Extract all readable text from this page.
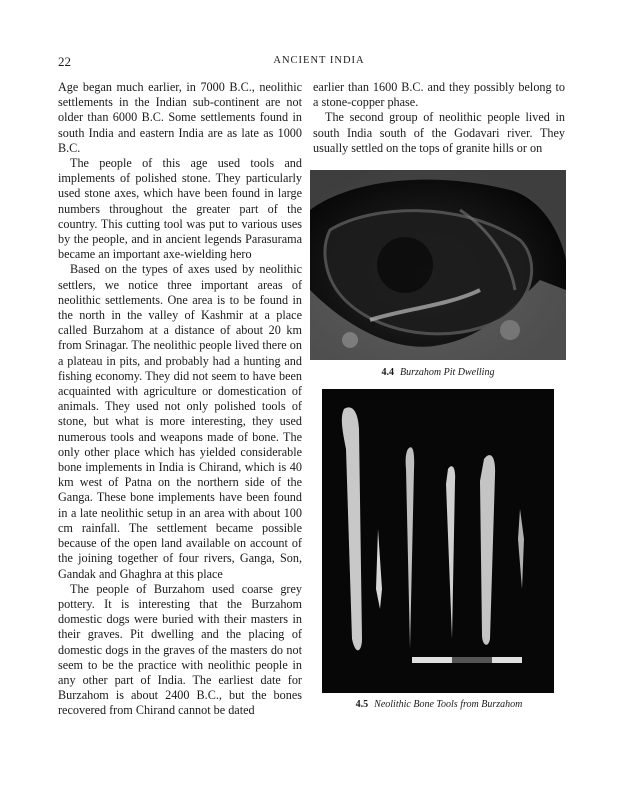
22	ANCIENT INDIA

Age began much earlier, in 7000 B.C., neolithic settlements in the Indian sub-continent are not older than 6000 B.C. Some settlements found in south India and eastern India are as late as 1000 B.C.

The people of this age used tools and implements of polished stone. They particularly used stone axes, which have been found in large numbers throughout the greater part of the country. This cutting tool was put to various uses by the people, and in ancient legends Parasurama became an important axe-wielding hero

Based on the types of axes used by neolithic settlers, we notice three important areas of neolithic settlements. One area is to be found in the north in the valley of Kashmir at a place called Burzahom at a distance of about 20 km from Srinagar. The neolithic people lived there on a plateau in pits, and probably had a hunting and fishing economy. They did not seem to have been acquainted with agriculture or domestication of animals. They used not only polished tools of stone, but what is more interesting, they used numerous tools and weapons made of bone. The only other place which has yielded considerable bone implements in India is Chirand, which is 40 km west of Patna on the northern side of the Ganga. These bone implements have been found in a late neolithic setup in an area with about 100 cm rainfall. The settlement became possible because of the open land available on account of the joining together of four rivers, Ganga, Son, Gandak and Ghaghra at this place

The people of Burzahom used coarse grey pottery. It is interesting that the Burzahom domestic dogs were buried with their masters in their graves. Pit dwelling and the placing of domestic dogs in the graves of the masters do not seem to be the practice with neolithic people in any other part of India. The earliest date for Burzahom is about 2400 B.C., but the bones recovered from Chirand cannot be dated

earlier than 1600 B.C. and they possibly belong to a stone-copper phase.

The second group of neolithic people lived in south India south of the Godavari river. They usually settled on the tops of granite hills or on

4.4 Burzahom Pit Dwelling
4.5 Neolithic Bone Tools from Burzahom
